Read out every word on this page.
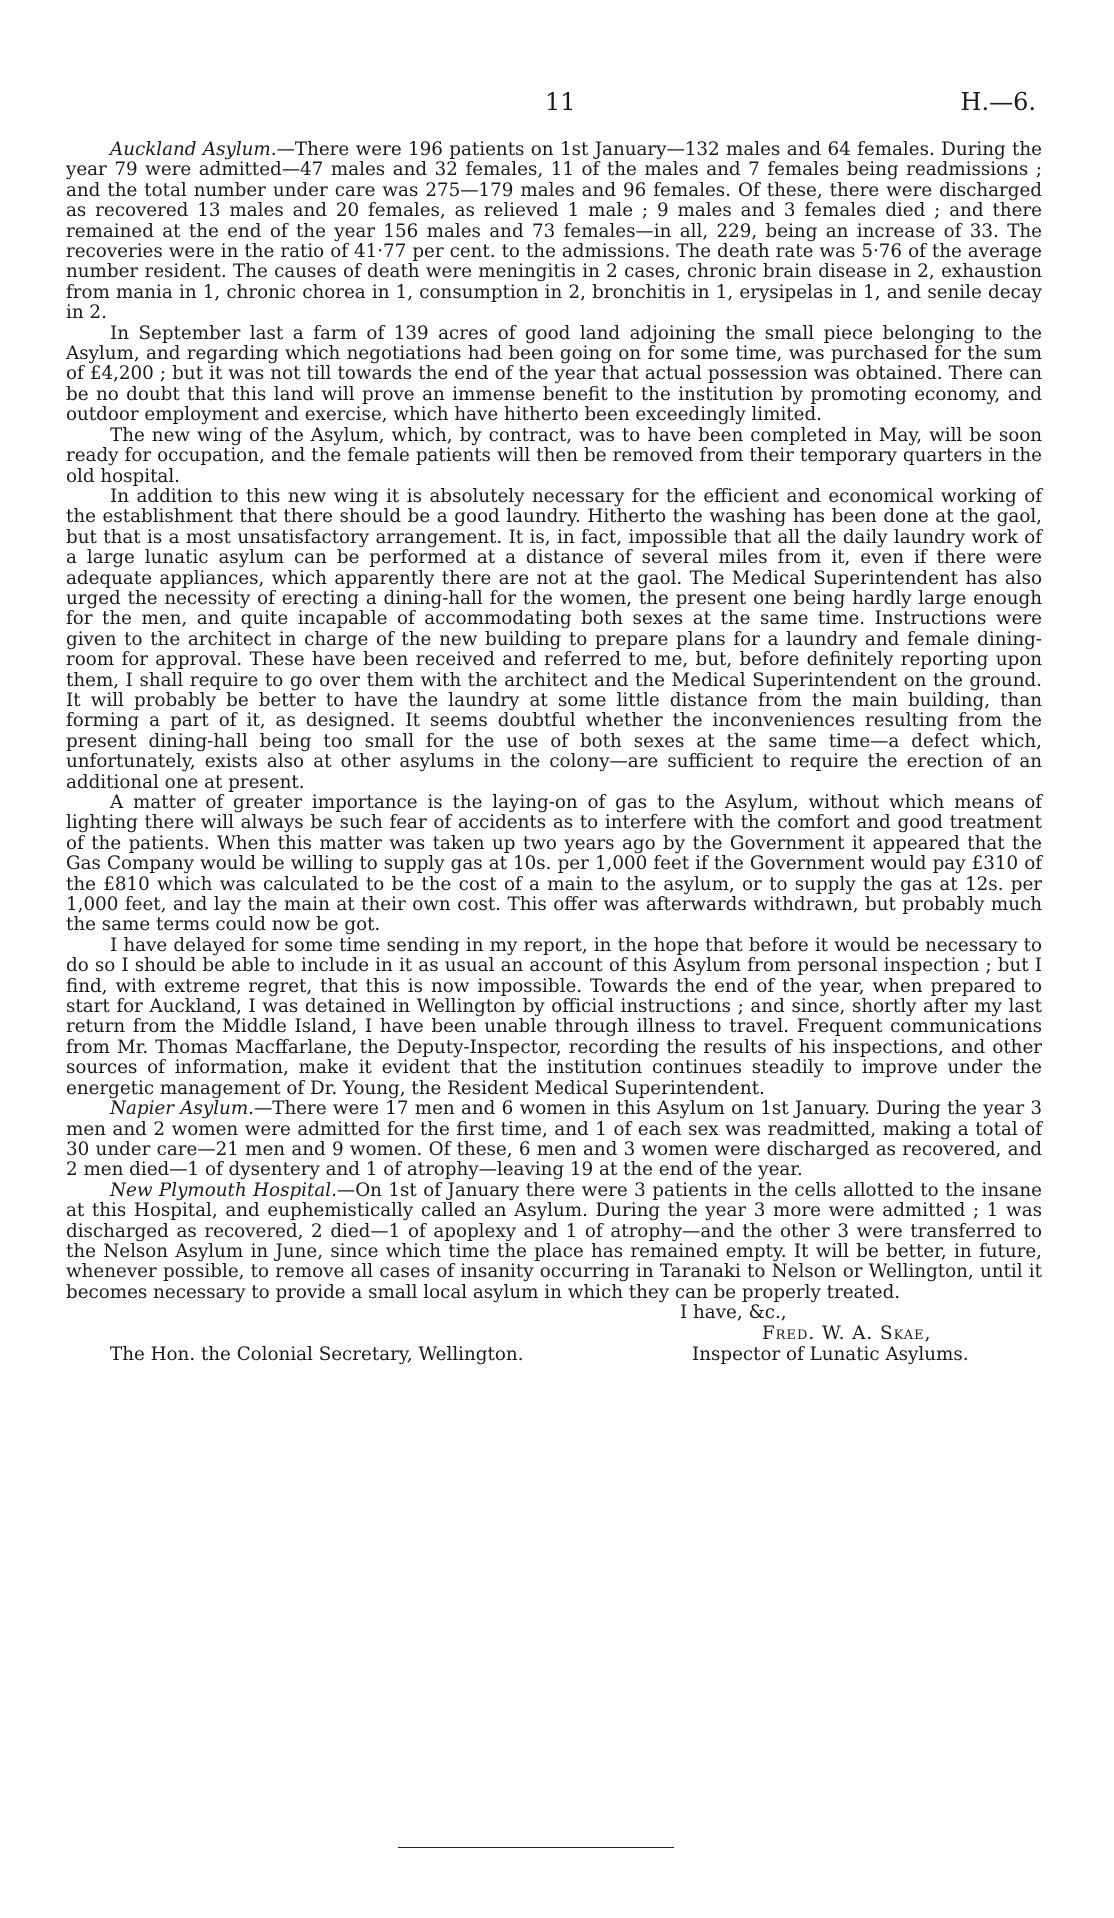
11	H.—6.

Auckland Asylum.—There were 196 patients on 1st January—132 males and 64 females. During the year 79 were admitted—47 males and 32 females, 11 of the males and 7 females being readmissions ; and the total number under care was 275—179 males and 96 females. Of these, there were discharged as recovered 13 males and 20 females, as relieved 1 male ; 9 males and 3 females died ; and there remained at the end of the year 156 males and 73 females—in all, 229, being an increase of 33. The recoveries were in the ratio of 41·77 per cent. to the admissions. The death rate was 5·76 of the average number resident. The causes of death were meningitis in 2 cases, chronic brain disease in 2, exhaustion from mania in 1, chronic chorea in 1, consumption in 2, bronchitis in 1, erysipelas in 1, and senile decay in 2.

In September last a farm of 139 acres of good land adjoining the small piece belonging to the Asylum, and regarding which negotiations had been going on for some time, was purchased for the sum of £4,200 ; but it was not till towards the end of the year that actual possession was obtained. There can be no doubt that this land will prove an immense benefit to the institution by promoting economy, and outdoor employment and exercise, which have hitherto been exceedingly limited.

The new wing of the Asylum, which, by contract, was to have been completed in May, will be soon ready for occupation, and the female patients will then be removed from their temporary quarters in the old hospital.

In addition to this new wing it is absolutely necessary for the efficient and economical working of the establishment that there should be a good laundry. Hitherto the washing has been done at the gaol, but that is a most unsatisfactory arrangement. It is, in fact, impossible that all the daily laundry work of a large lunatic asylum can be performed at a distance of several miles from it, even if there were adequate appliances, which apparently there are not at the gaol. The Medical Superintendent has also urged the necessity of erecting a dining-hall for the women, the present one being hardly large enough for the men, and quite incapable of accommodating both sexes at the same time. Instructions were given to the architect in charge of the new building to prepare plans for a laundry and female dining-room for approval. These have been received and referred to me, but, before definitely reporting upon them, I shall require to go over them with the architect and the Medical Superintendent on the ground. It will probably be better to have the laundry at some little distance from the main building, than forming a part of it, as designed. It seems doubtful whether the inconveniences resulting from the present dining-hall being too small for the use of both sexes at the same time—a defect which, unfortunately, exists also at other asylums in the colony—are sufficient to require the erection of an additional one at present.

A matter of greater importance is the laying-on of gas to the Asylum, without which means of lighting there will always be such fear of accidents as to interfere with the comfort and good treatment of the patients. When this matter was taken up two years ago by the Government it appeared that the Gas Company would be willing to supply gas at 10s. per 1,000 feet if the Government would pay £310 of the £810 which was calculated to be the cost of a main to the asylum, or to supply the gas at 12s. per 1,000 feet, and lay the main at their own cost. This offer was afterwards withdrawn, but probably much the same terms could now be got.

I have delayed for some time sending in my report, in the hope that before it would be necessary to do so I should be able to include in it as usual an account of this Asylum from personal inspection ; but I find, with extreme regret, that this is now impossible. Towards the end of the year, when prepared to start for Auckland, I was detained in Wellington by official instructions ; and since, shortly after my last return from the Middle Island, I have been unable through illness to travel. Frequent communications from Mr. Thomas Macffarlane, the Deputy-Inspector, recording the results of his inspections, and other sources of information, make it evident that the institution continues steadily to improve under the energetic management of Dr. Young, the Resident Medical Superintendent.

Napier Asylum.—There were 17 men and 6 women in this Asylum on 1st January. During the year 3 men and 2 women were admitted for the first time, and 1 of each sex was readmitted, making a total of 30 under care—21 men and 9 women. Of these, 6 men and 3 women were discharged as recovered, and 2 men died—1 of dysentery and 1 of atrophy—leaving 19 at the end of the year.

New Plymouth Hospital.—On 1st of January there were 3 patients in the cells allotted to the insane at this Hospital, and euphemistically called an Asylum. During the year 3 more were admitted ; 1 was discharged as recovered, 2 died—1 of apoplexy and 1 of atrophy—and the other 3 were transferred to the Nelson Asylum in June, since which time the place has remained empty. It will be better, in future, whenever possible, to remove all cases of insanity occurring in Taranaki to Nelson or Wellington, until it becomes necessary to provide a small local asylum in which they can be properly treated.

I have, &c.,
Fred. W. A. Skae,
The Hon. the Colonial Secretary, Wellington.	Inspector of Lunatic Asylums.
